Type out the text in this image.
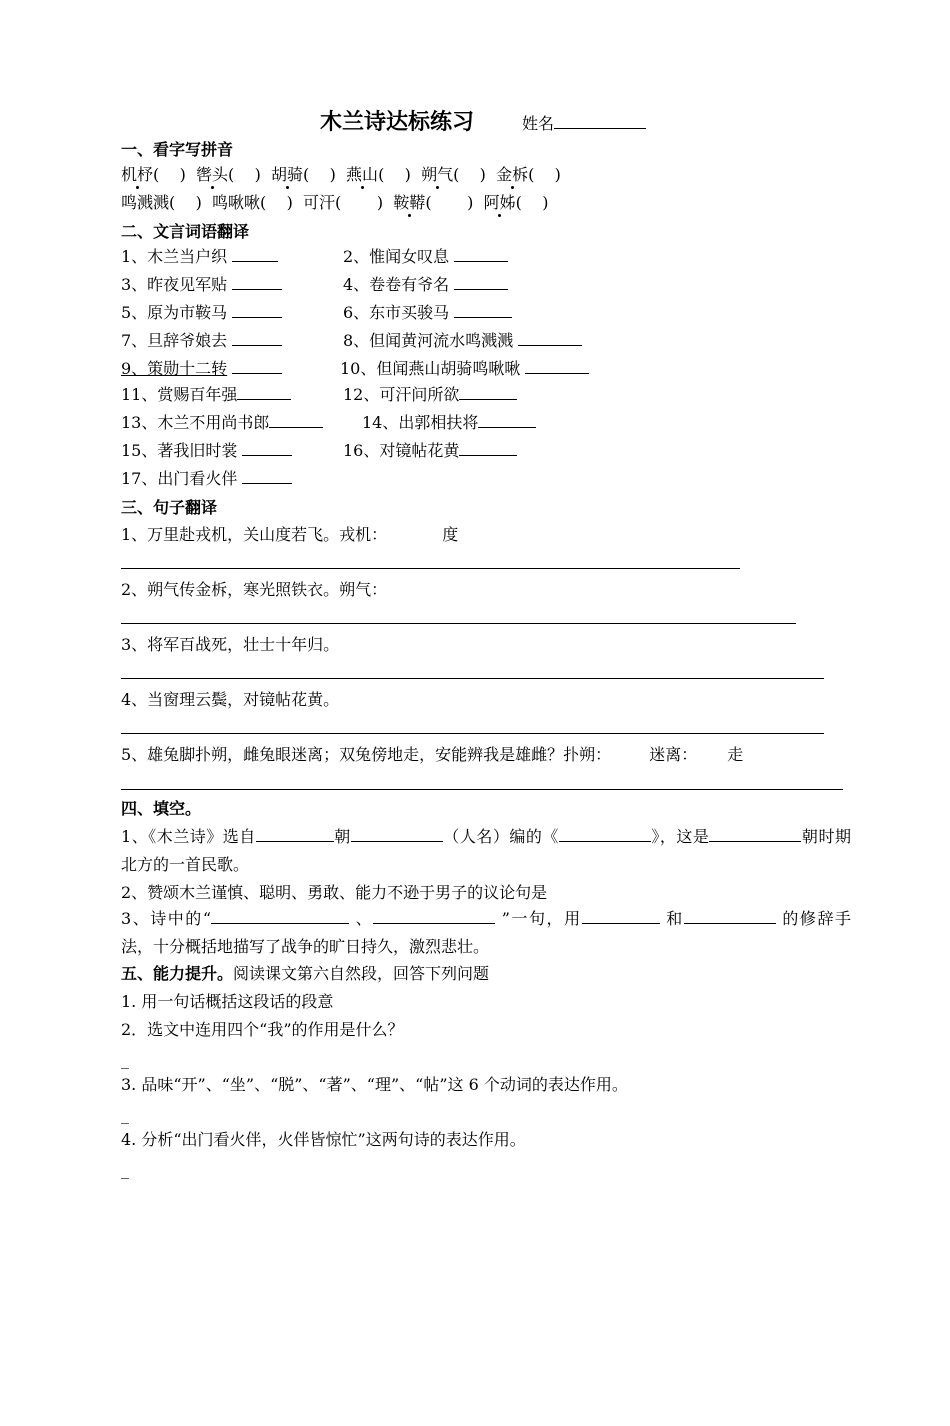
木兰诗达标练习	姓名
一、看字写拼音
机杼(    )  辔头(    )  胡骑(    )  燕山(    )  朔气(    )  金柝(    )
鸣溅溅(    )  鸣啾啾(    )  可汗(       )  鞍鞯(       )  阿姊(    )
二、文言词语翻译
1、木兰当户织	2、惟闻女叹息
3、昨夜见军贴	4、卷卷有爷名
5、原为市鞍马	6、东市买骏马
7、旦辞爷娘去	8、但闻黄河流水鸣溅溅
9、策勋十二转	10、但闻燕山胡骑鸣啾啾
11、赏赐百年强	12、可汗问所欲
13、木兰不用尚书郎	14、出郭相扶将
15、著我旧时裳	16、对镜帖花黄
17、出门看火伴
三、句子翻译
1、万里赴戎机，关山度若飞。戎机：	度
2、朔气传金柝，寒光照铁衣。朔气：
3、将军百战死，壮士十年归。
4、当窗理云鬓，对镜帖花黄。
5、雄兔脚扑朔，雌兔眼迷离；双兔傍地走，安能辨我是雄雌？扑朔： 迷离： 走
四、填空。
1、《木兰诗》选自	朝	（人名）编的《	》，这是	朝时期北方的一首民歌。
2、赞颂木兰谨慎、聪明、勇敢、能力不逊于男子的议论句是
3、诗中的“	、	”一句，用	和	的修辞手法，十分概括地描写了战争的旷日持久，激烈悲壮。
五、能力提升。阅读课文第六自然段，回答下列问题
1. 用一句话概括这段话的段意
2．选文中连用四个“我”的作用是什么？
_
3. 品味“开”、“坐”、“脱”、“著”、“理”、“帖”这 6 个动词的表达作用。
_
4. 分析“出门看火伴，火伴皆惊忙”这两句诗的表达作用。
_
